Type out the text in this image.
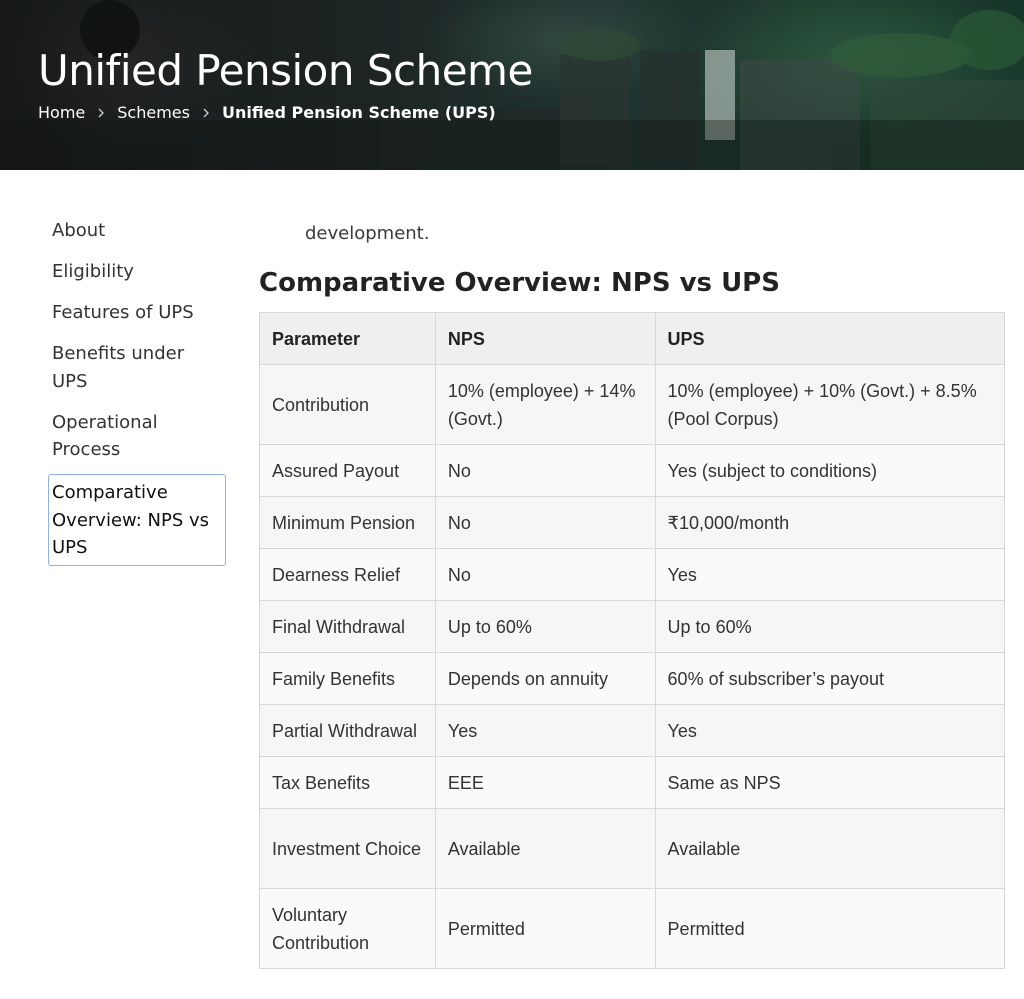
Unified Pension Scheme
Home Schemes Unified Pension Scheme (UPS)
About
Eligibility
Features of UPS
Benefits under UPS
Operational Process
Comparative Overview: NPS vs UPS

development.

Comparative Overview: NPS vs UPS
Parameter	NPS	UPS
Contribution	10% (employee) + 14% (Govt.)	10% (employee) + 10% (Govt.) + 8.5% (Pool Corpus)
Assured Payout	No	Yes (subject to conditions)
Minimum Pension	No	₹10,000/month
Dearness Relief	No	Yes
Final Withdrawal	Up to 60%	Up to 60%
Family Benefits	Depends on annuity	60% of subscriber’s payout
Partial Withdrawal	Yes	Yes
Tax Benefits	EEE	Same as NPS
Investment Choice	Available	Available
Voluntary Contribution	Permitted	Permitted
